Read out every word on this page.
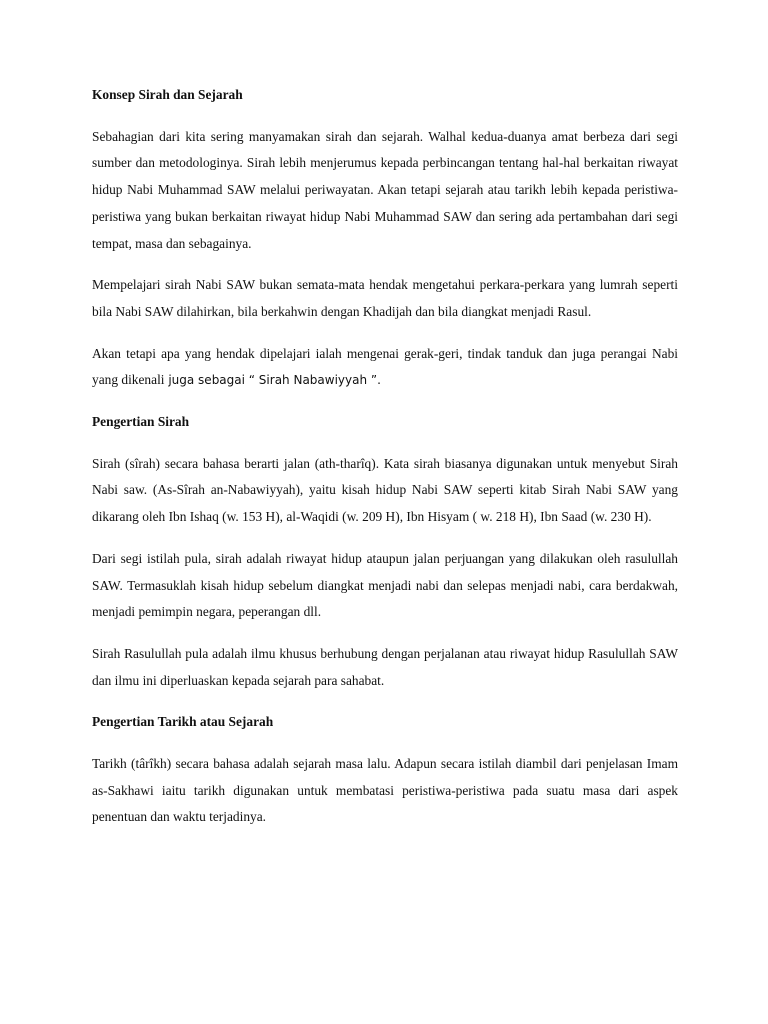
Konsep Sirah dan Sejarah

Sebahagian dari kita sering manyamakan sirah dan sejarah. Walhal kedua-duanya amat berbeza dari segi sumber dan metodologinya. Sirah lebih menjerumus kepada perbincangan tentang hal-hal berkaitan riwayat hidup Nabi Muhammad SAW melalui periwayatan. Akan tetapi sejarah atau tarikh lebih kepada peristiwa-peristiwa yang bukan berkaitan riwayat hidup Nabi Muhammad SAW dan sering ada pertambahan dari segi tempat, masa dan sebagainya.

Mempelajari sirah Nabi SAW bukan semata-mata hendak mengetahui perkara-perkara yang lumrah seperti bila Nabi SAW dilahirkan, bila berkahwin dengan Khadijah dan bila diangkat menjadi Rasul.

Akan tetapi apa yang hendak dipelajari ialah mengenai gerak-geri, tindak tanduk dan juga perangai Nabi yang dikenali juga sebagai “ Sirah Nabawiyyah ”.

Pengertian Sirah

Sirah (sîrah) secara bahasa berarti jalan (ath-tharîq). Kata sirah biasanya digunakan untuk menyebut Sirah Nabi saw. (As-Sîrah an-Nabawiyyah), yaitu kisah hidup Nabi SAW seperti kitab Sirah Nabi SAW yang dikarang oleh Ibn Ishaq (w. 153 H), al-Waqidi (w. 209 H), Ibn Hisyam ( w. 218 H), Ibn Saad (w. 230 H).

Dari segi istilah pula, sirah adalah riwayat hidup ataupun jalan perjuangan yang dilakukan oleh rasulullah SAW. Termasuklah kisah hidup sebelum diangkat menjadi nabi dan selepas menjadi nabi, cara berdakwah, menjadi pemimpin negara, peperangan dll.

Sirah Rasulullah pula adalah ilmu khusus berhubung dengan perjalanan atau riwayat hidup Rasulullah SAW dan ilmu ini diperluaskan kepada sejarah para sahabat.

Pengertian Tarikh atau Sejarah

Tarikh (târîkh) secara bahasa adalah sejarah masa lalu. Adapun secara istilah diambil dari penjelasan Imam as-Sakhawi iaitu tarikh digunakan untuk membatasi peristiwa-peristiwa pada suatu masa dari aspek penentuan dan waktu terjadinya.
